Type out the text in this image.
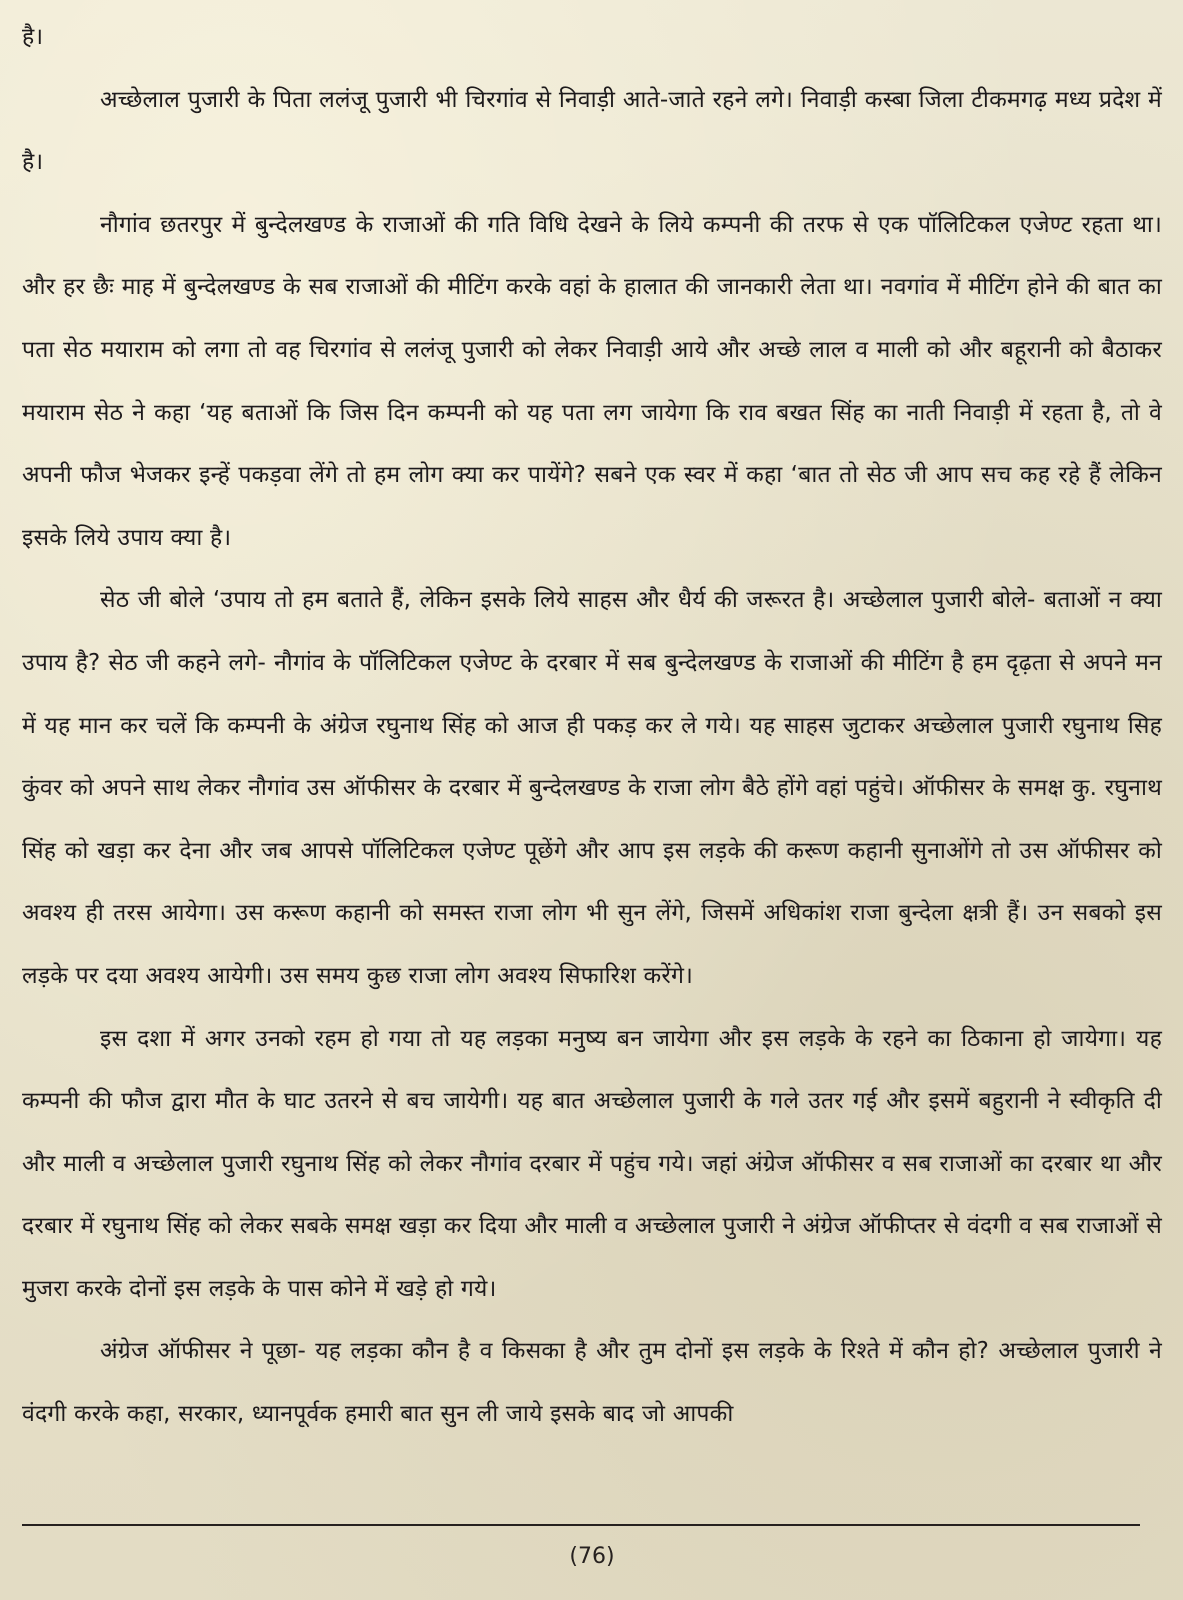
है।

अच्छेलाल पुजारी के पिता ललंजू पुजारी भी चिरगांव से निवाड़ी आते-जाते रहने लगे। निवाड़ी कस्बा जिला टीकमगढ़ मध्य प्रदेश में है।

नौगांव छतरपुर में बुन्देलखण्ड के राजाओं की गति विधि देखने के लिये कम्पनी की तरफ से एक पॉलिटिकल एजेण्ट रहता था। और हर छैः माह में बुन्देलखण्ड के सब राजाओं की मीटिंग करके वहां के हालात की जानकारी लेता था। नवगांव में मीटिंग होने की बात का पता सेठ मयाराम को लगा तो वह चिरगांव से ललंजू पुजारी को लेकर निवाड़ी आये और अच्छे लाल व माली को और बहूरानी को बैठाकर मयाराम सेठ ने कहा ‘यह बताओं कि जिस दिन कम्पनी को यह पता लग जायेगा कि राव बखत सिंह का नाती निवाड़ी में रहता है, तो वे अपनी फौज भेजकर इन्हें पकड़वा लेंगे तो हम लोग क्या कर पायेंगे? सबने एक स्वर में कहा ‘बात तो सेठ जी आप सच कह रहे हैं लेकिन इसके लिये उपाय क्या है।

सेठ जी बोले ‘उपाय तो हम बताते हैं, लेकिन इसके लिये साहस और धैर्य की जरूरत है। अच्छेलाल पुजारी बोले- बताओं न क्या उपाय है? सेठ जी कहने लगे- नौगांव के पॉलिटिकल एजेण्ट के दरबार में सब बुन्देलखण्ड के राजाओं की मीटिंग है हम दृढ़ता से अपने मन में यह मान कर चलें कि कम्पनी के अंग्रेज रघुनाथ सिंह को आज ही पकड़ कर ले गये। यह साहस जुटाकर अच्छेलाल पुजारी रघुनाथ सिह कुंवर को अपने साथ लेकर नौगांव उस ऑफीसर के दरबार में बुन्देलखण्ड के राजा लोग बैठे होंगे वहां पहुंचे। ऑफीसर के समक्ष कु. रघुनाथ सिंह को खड़ा कर देना और जब आपसे पॉलिटिकल एजेण्ट पूछेंगे और आप इस लड़के की करूण कहानी सुनाओंगे तो उस ऑफीसर को अवश्य ही तरस आयेगा। उस करूण कहानी को समस्त राजा लोग भी सुन लेंगे, जिसमें अधिकांश राजा बुन्देला क्षत्री हैं। उन सबको इस लड़के पर दया अवश्य आयेगी। उस समय कुछ राजा लोग अवश्य सिफारिश करेंगे।

इस दशा में अगर उनको रहम हो गया तो यह लड़का मनुष्य बन जायेगा और इस लड़के के रहने का ठिकाना हो जायेगा। यह कम्पनी की फौज द्वारा मौत के घाट उतरने से बच जायेगी। यह बात अच्छेलाल पुजारी के गले उतर गई और इसमें बहुरानी ने स्वीकृति दी और माली व अच्छेलाल पुजारी रघुनाथ सिंह को लेकर नौगांव दरबार में पहुंच गये। जहां अंग्रेज ऑफीसर व सब राजाओं का दरबार था और दरबार में रघुनाथ सिंह को लेकर सबके समक्ष खड़ा कर दिया और माली व अच्छेलाल पुजारी ने अंग्रेज ऑफीप्तर से वंदगी व सब राजाओं से मुजरा करके दोनों इस लड़के के पास कोने में खड़े हो गये।

अंग्रेज ऑफीसर ने पूछा- यह लड़का कौन है व किसका है और तुम दोनों इस लड़के के रिश्ते में कौन हो? अच्छेलाल पुजारी ने वंदगी करके कहा, सरकार, ध्यानपूर्वक हमारी बात सुन ली जाये इसके बाद जो आपकी

(76)
